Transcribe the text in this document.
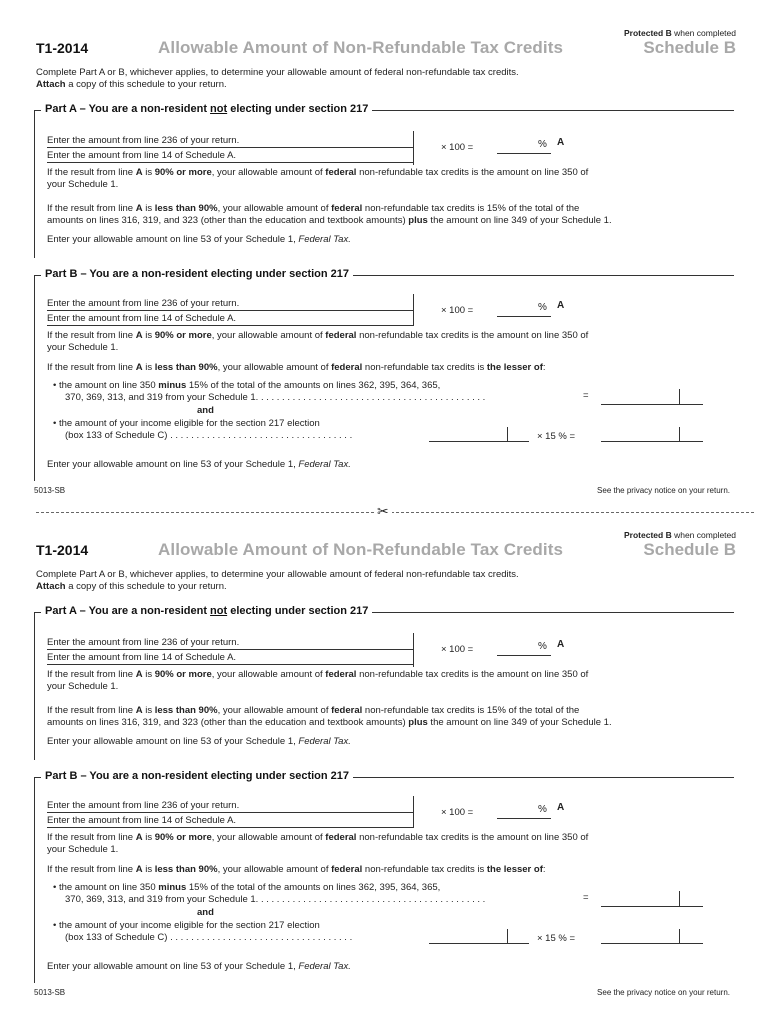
Protected B when completed
T1-2014	Allowable Amount of Non-Refundable Tax Credits	Schedule B
Complete Part A or B, whichever applies, to determine your allowable amount of federal non-refundable tax credits.
Attach a copy of this schedule to your return.
Part A – You are a non-resident not electing under section 217
Enter the amount from line 236 of your return.
Enter the amount from line 14 of Schedule A.
× 100 =	% A
If the result from line A is 90% or more, your allowable amount of federal non-refundable tax credits is the amount on line 350 of
your Schedule 1.
If the result from line A is less than 90%, your allowable amount of federal non-refundable tax credits is 15% of the total of the
amounts on lines 316, 319, and 323 (other than the education and textbook amounts) plus the amount on line 349 of your Schedule 1.
Enter your allowable amount on line 53 of your Schedule 1, Federal Tax.
Part B – You are a non-resident electing under section 217
Enter the amount from line 236 of your return.
Enter the amount from line 14 of Schedule A.
× 100 =	% A
If the result from line A is 90% or more, your allowable amount of federal non-refundable tax credits is the amount on line 350 of
your Schedule 1.
If the result from line A is less than 90%, your allowable amount of federal non-refundable tax credits is the lesser of:
• the amount on line 350 minus 15% of the total of the amounts on lines 362, 395, 364, 365,
370, 369, 313, and 319 from your Schedule 1. . . . . . . . . . . . . . . . . . . . . . . . . . . . . . . . . . . . . . . . . . . .	=
and
• the amount of your income eligible for the section 217 election
(box 133 of Schedule C) . . . . . . . . . . . . . . . . . . . . . . . . . . . . . . . . . . .	× 15 % =
Enter your allowable amount on line 53 of your Schedule 1, Federal Tax.
5013-SB	See the privacy notice on your return.
✂
Protected B when completed
T1-2014	Allowable Amount of Non-Refundable Tax Credits	Schedule B
Complete Part A or B, whichever applies, to determine your allowable amount of federal non-refundable tax credits.
Attach a copy of this schedule to your return.
Part A – You are a non-resident not electing under section 217
Enter the amount from line 236 of your return.
Enter the amount from line 14 of Schedule A.
× 100 =	% A
If the result from line A is 90% or more, your allowable amount of federal non-refundable tax credits is the amount on line 350 of
your Schedule 1.
If the result from line A is less than 90%, your allowable amount of federal non-refundable tax credits is 15% of the total of the
amounts on lines 316, 319, and 323 (other than the education and textbook amounts) plus the amount on line 349 of your Schedule 1.
Enter your allowable amount on line 53 of your Schedule 1, Federal Tax.
Part B – You are a non-resident electing under section 217
Enter the amount from line 236 of your return.
Enter the amount from line 14 of Schedule A.
× 100 =	% A
If the result from line A is 90% or more, your allowable amount of federal non-refundable tax credits is the amount on line 350 of
your Schedule 1.
If the result from line A is less than 90%, your allowable amount of federal non-refundable tax credits is the lesser of:
• the amount on line 350 minus 15% of the total of the amounts on lines 362, 395, 364, 365,
370, 369, 313, and 319 from your Schedule 1. . . . . . . . . . . . . . . . . . . . . . . . . . . . . . . . . . . . . . . . . . . .	=
and
• the amount of your income eligible for the section 217 election
(box 133 of Schedule C) . . . . . . . . . . . . . . . . . . . . . . . . . . . . . . . . . . .	× 15 % =
Enter your allowable amount on line 53 of your Schedule 1, Federal Tax.
5013-SB	See the privacy notice on your return.
